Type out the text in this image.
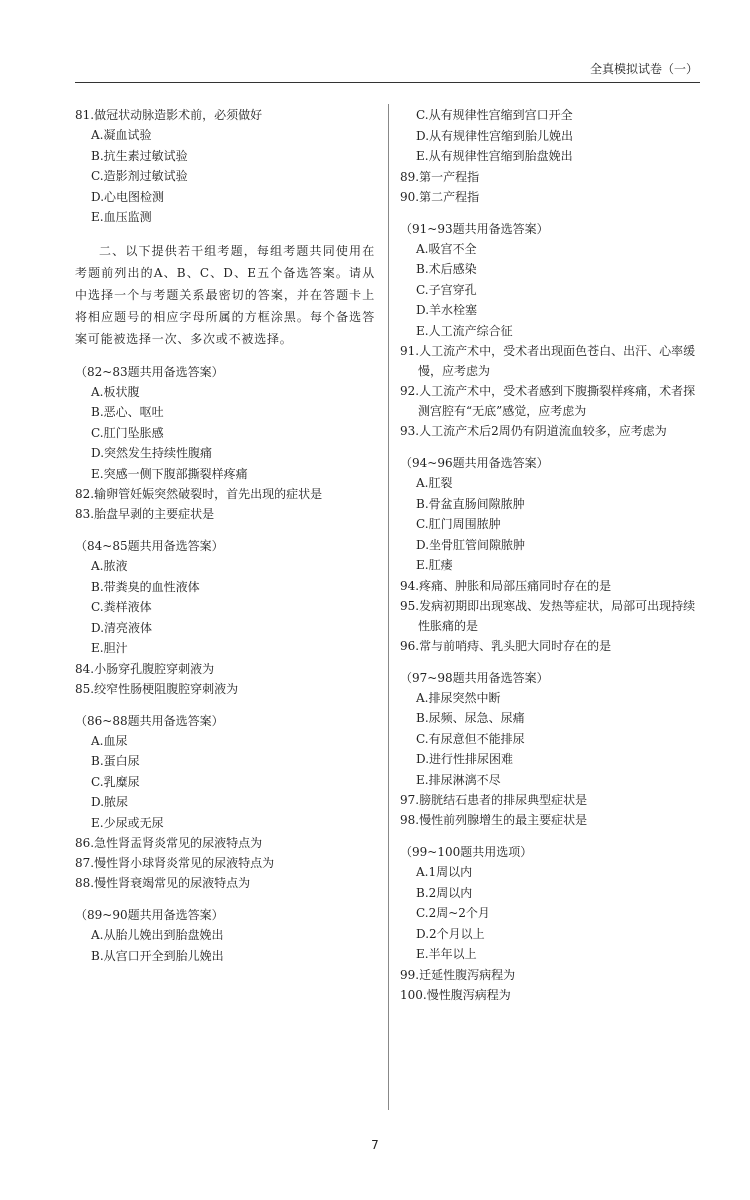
全真模拟试卷（一）
81.做冠状动脉造影术前，必须做好
A.凝血试验
B.抗生素过敏试验
C.造影剂过敏试验
D.心电图检测
E.血压监测
二、以下提供若干组考题，每组考题共同使用在考题前列出的A、B、C、D、E五个备选答案。请从中选择一个与考题关系最密切的答案，并在答题卡上将相应题号的相应字母所属的方框涂黑。每个备选答案可能被选择一次、多次或不被选择。
（82~83题共用备选答案）
A.板状腹
B.恶心、呕吐
C.肛门坠胀感
D.突然发生持续性腹痛
E.突感一侧下腹部撕裂样疼痛
82.输卵管妊娠突然破裂时，首先出现的症状是
83.胎盘早剥的主要症状是
（84~85题共用备选答案）
A.脓液
B.带粪臭的血性液体
C.粪样液体
D.清亮液体
E.胆汁
84.小肠穿孔腹腔穿刺液为
85.绞窄性肠梗阻腹腔穿刺液为
（86~88题共用备选答案）
A.血尿
B.蛋白尿
C.乳糜尿
D.脓尿
E.少尿或无尿
86.急性肾盂肾炎常见的尿液特点为
87.慢性肾小球肾炎常见的尿液特点为
88.慢性肾衰竭常见的尿液特点为
（89~90题共用备选答案）
A.从胎儿娩出到胎盘娩出
B.从宫口开全到胎儿娩出
C.从有规律性宫缩到宫口开全
D.从有规律性宫缩到胎儿娩出
E.从有规律性宫缩到胎盘娩出
89.第一产程指
90.第二产程指
（91~93题共用备选答案）
A.吸宫不全
B.术后感染
C.子宫穿孔
D.羊水栓塞
E.人工流产综合征
91.人工流产术中，受术者出现面色苍白、出汗、心率缓慢，应考虑为
92.人工流产术中，受术者感到下腹撕裂样疼痛，术者探测宫腔有“无底”感觉，应考虑为
93.人工流产术后2周仍有阴道流血较多，应考虑为
（94~96题共用备选答案）
A.肛裂
B.骨盆直肠间隙脓肿
C.肛门周围脓肿
D.坐骨肛管间隙脓肿
E.肛瘘
94.疼痛、肿胀和局部压痛同时存在的是
95.发病初期即出现寒战、发热等症状，局部可出现持续性胀痛的是
96.常与前哨痔、乳头肥大同时存在的是
（97~98题共用备选答案）
A.排尿突然中断
B.尿频、尿急、尿痛
C.有尿意但不能排尿
D.进行性排尿困难
E.排尿淋漓不尽
97.膀胱结石患者的排尿典型症状是
98.慢性前列腺增生的最主要症状是
（99~100题共用选项）
A.1周以内
B.2周以内
C.2周~2个月
D.2个月以上
E.半年以上
99.迁延性腹泻病程为
100.慢性腹泻病程为
7
